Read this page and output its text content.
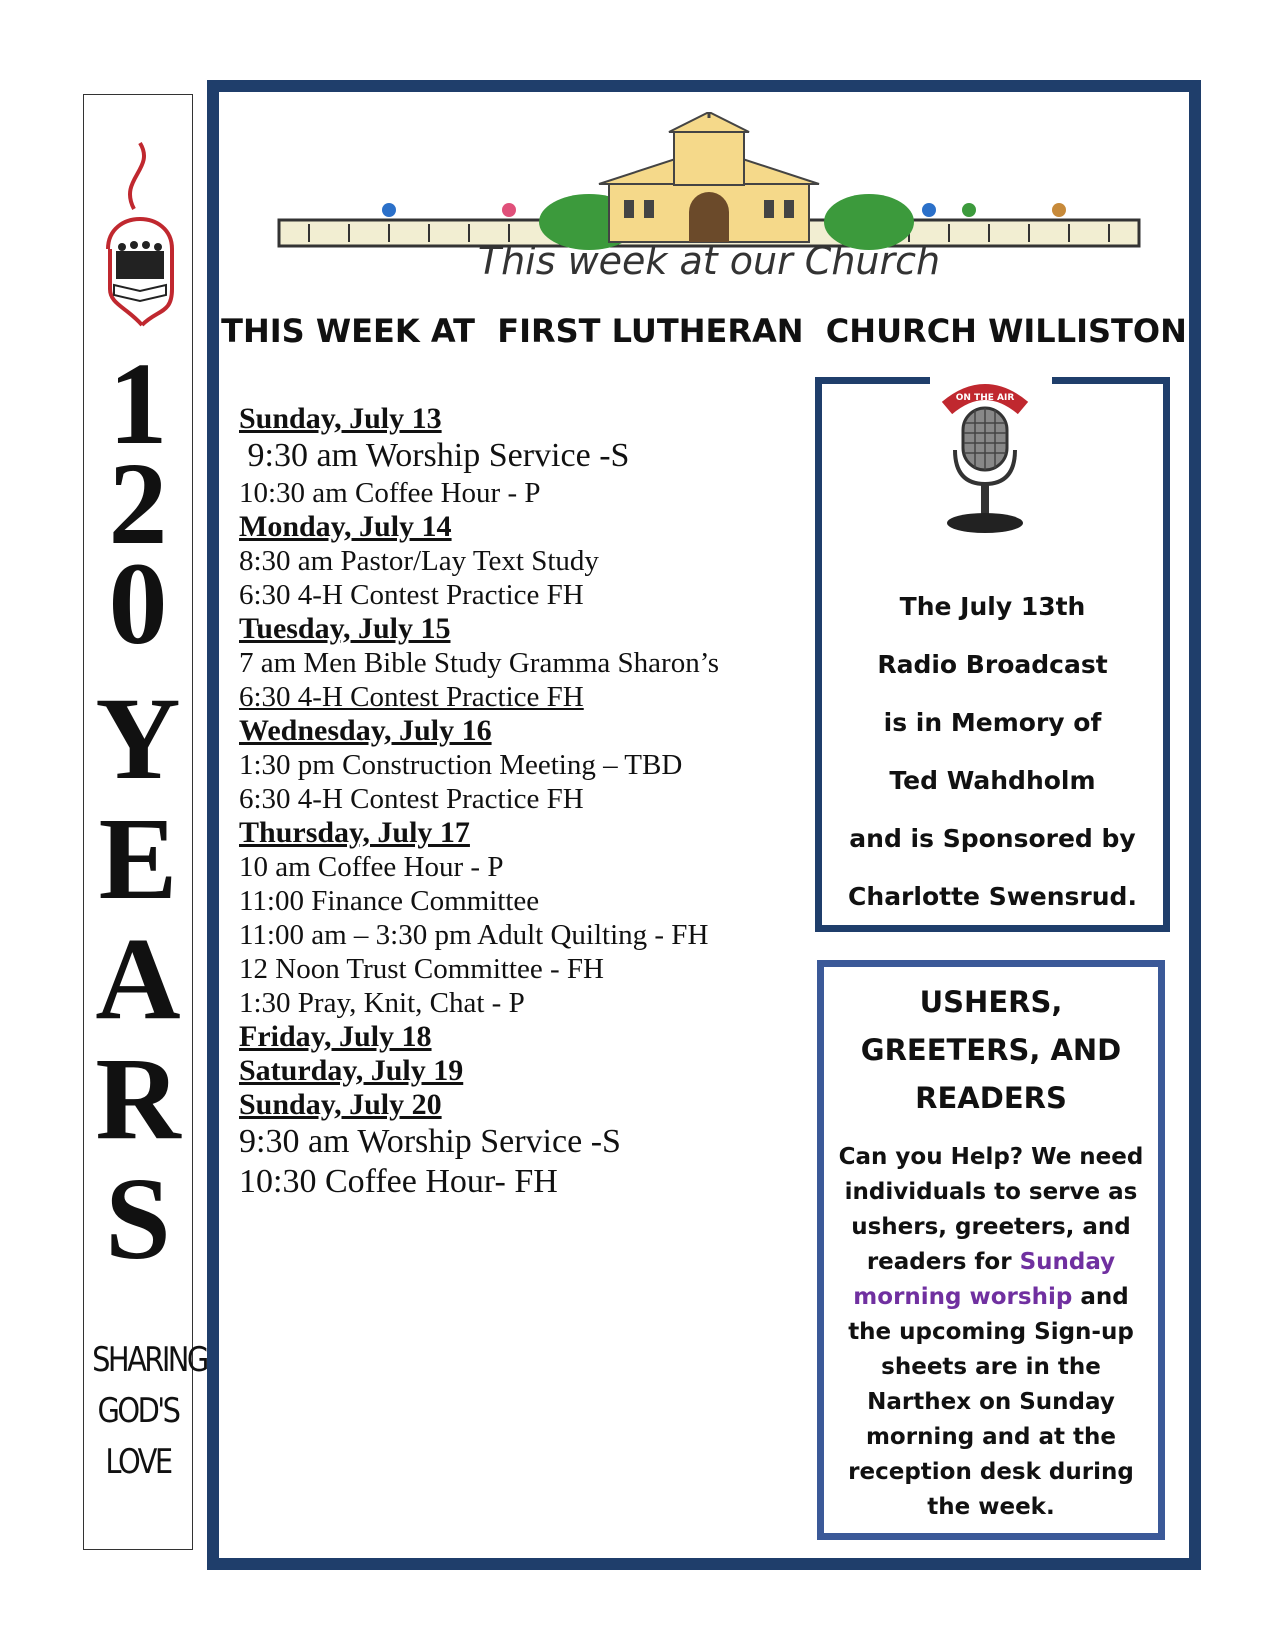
1
2
0
Y
E
A
R
S
SHARING
GOD'S
LOVE
This week at our Church
THIS WEEK AT  FIRST LUTHERAN  CHURCH WILLISTON
Sunday, July 13
9:30 am Worship Service -S
10:30 am Coffee Hour - P
Monday, July 14
8:30 am Pastor/Lay Text Study
6:30 4-H Contest Practice FH
Tuesday, July 15
7 am Men Bible Study Gramma Sharon’s
6:30 4-H Contest Practice FH
Wednesday, July 16
1:30 pm Construction Meeting – TBD
6:30 4-H Contest Practice FH
Thursday, July 17
10 am Coffee Hour - P
11:00 Finance Committee
11:00 am – 3:30 pm Adult Quilting - FH
12 Noon Trust Committee - FH
1:30 Pray, Knit, Chat - P
Friday, July 18
Saturday, July 19
Sunday, July 20
9:30 am Worship Service -S
10:30 Coffee Hour- FH
ON THE AIR
The July 13th
Radio Broadcast
is in Memory of
Ted Wahdholm
and is Sponsored by
Charlotte Swensrud.
USHERS,
GREETERS, AND
READERS
Can you Help? We need individuals to serve as ushers, greeters, and readers for Sunday morning worship and the upcoming Sign-up sheets are in the Narthex on Sunday morning and at the reception desk during the week.
